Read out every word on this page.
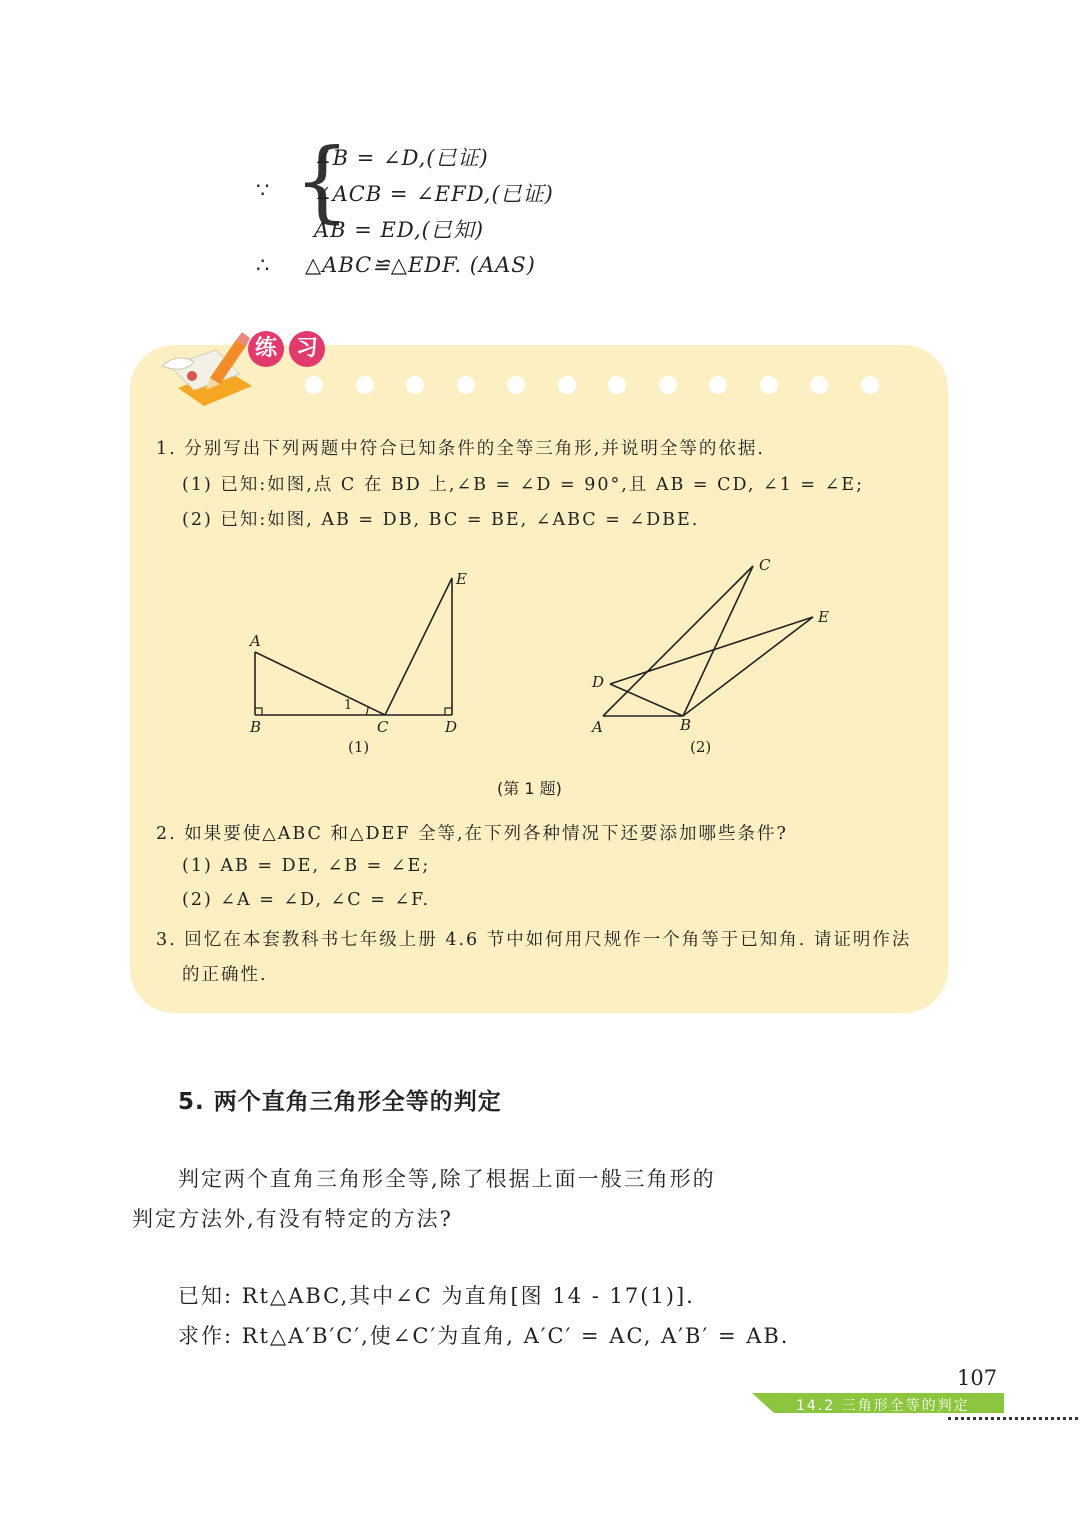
∵ {
∠B = ∠D,(已证)
∠ACB = ∠EFD,(已证)
AB = ED,(已知)
∴ △ABC≌△EDF. (AAS)
练 习
1. 分别写出下列两题中符合已知条件的全等三角形,并说明全等的依据.
(1) 已知:如图,点 C 在 BD 上,∠B = ∠D = 90°,且 AB = CD, ∠1 = ∠E;
(2) 已知:如图, AB = DB, BC = BE, ∠ABC = ∠DBE.
A
B	C	D
E
1
(1)
A	B
C
D
E
(2)
(第 1 题)
2. 如果要使△ABC 和△DEF 全等,在下列各种情况下还要添加哪些条件?
(1) AB = DE, ∠B = ∠E;
(2) ∠A = ∠D, ∠C = ∠F.
3. 回忆在本套教科书七年级上册 4.6 节中如何用尺规作一个角等于已知角. 请证明作法
的正确性.
5. 两个直角三角形全等的判定
判定两个直角三角形全等,除了根据上面一般三角形的
判定方法外,有没有特定的方法?
已知: Rt△ABC,其中∠C 为直角[图 14 - 17(1)].
求作: Rt△A′B′C′,使∠C′为直角, A′C′ = AC, A′B′ = AB.
107
14.2 三角形全等的判定
